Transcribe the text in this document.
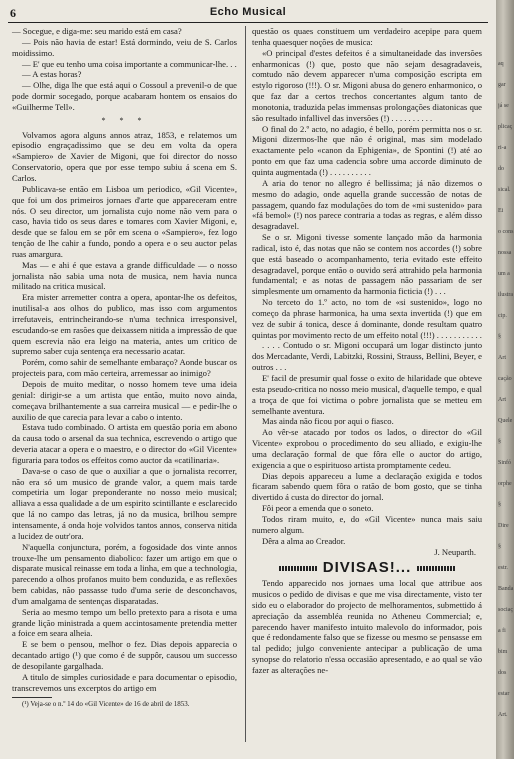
6	Echo Musical

— Socegue, e diga-me: seu marido está em casa?

— Pois não havia de estar! Está dormindo, veiu de S. Carlos moidissimo.

— E' que eu tenho uma coisa importante a communicar-lhe. . .

— A estas horas?

— Olhe, diga lhe que está aqui o Cossoul a prevenil-o de que pode dormir socegado, porque acabaram hontem os ensaios do «Guilherme Tell».

* * *

Volvamos agora alguns annos atraz, 1853, e relatemos um episodio engraçadissimo que se deu em volta da opera «Sampiero» de Xavier de Migoni, que foi director do nosso Conservatorio, opera que por esse tempo subiu á scena em S. Carlos.

Publicava-se então em Lisboa um periodico, «Gil Vicente», que foi um dos primeiros jornaes d'arte que appareceram entre nós. O seu director, um jornalista cujo nome não vem para o caso, havia tido os seus dares e tomares com Xavier Migoni, e, desde que se falou em se pôr em scena o «Sampiero», fez logo tenção de lhe cahir a fundo, pondo a opera e o seu auctor pelas ruas amargura.

Mas — e ahi é que estava a grande difficuldade — o nosso jornalista não sabia uma nota de musica, nem havia nunca militado na critica musical.

Era mister arremetter contra a opera, apontar-lhe os defeitos, inutilisal-a aos olhos do publico, mas isso com argumentos irrefutaveis, entrincheirando-se n'uma technica irresponsivel, escudando-se em rasões que deixassem nitida a impressão de que quem escrevia não era leigo na materia, antes um critico de supremo saber cuja sentença era necessario acatar.

Porém, como sahir de semelhante embaraço? Aonde buscar os projecteis para, com mão certeira, arremessar ao inimigo?

Depois de muito meditar, o nosso homem teve uma ideia genial: dirigir-se a um artista que então, muito novo ainda, começava brilhantemente a sua carreira musical — e pedir-lhe o auxilio de que carecia para levar a cabo o intento.

Estava tudo combinado. O artista em questão poria em abono da causa todo o arsenal da sua technica, escrevendo o artigo que deveria atacar a opera e o maestro, e o director do «Gil Vicente» figuraria para todos os effeitos como auctor da «catilinaria».

Dava-se o caso de que o auxiliar a que o jornalista recorrer, não era só um musico de grande valor, a quem mais tarde competiria um logar preponderante no nosso meio musical; alliava a essa qualidade a de um espirito scintillante e esclarecido que lá no campo das letras, já no da musica, brilhou sempre intensamente, á onda hoje volvidos tantos annos, conserva nitida a lucidez de outr'ora.

N'aquella conjunctura, porém, a fogosidade dos vinte annos trouxe-lhe um pensamento diabolico: fazer um artigo em que o disparate musical reinasse em toda a linha, em que a technologia, parecendo a olhos profanos muito bem conduzida, e as reflexões bem cabidas, não passasse tudo d'uma serie de desconchavos, d'um amalgama de sentenças disparatadas.

Seria ao mesmo tempo um bello pretexto para a risota e uma grande lição ministrada a quem accintosamente pretendia metter a foice em seara alheia.

E se bem o pensou, melhor o fez. Dias depois apparecia o decantado artigo (¹) que como é de suppôr, causou um successo de desopilante gargalhada.

A titulo de simples curiosidade e para documentar o episodio, transcrevemos uns excerptos do artigo em

(¹) Veja-se o n.º 14 do «Gil Vicente» de 16 de abril de 1853.

questão os quaes constituem um verdadeiro acepipe para quem tenha quaesquer noções de musica:

«O principal d'estes defeitos é a simultaneidade das inversões enharmonicas (!) que, posto que não sejam desagradaveis, comtudo não devem apparecer n'uma composição escripta em estylo rigoroso (!!!). O sr. Migoni abusa do genero enharmonico, o que faz dar a certos trechos concertantes algum tanto de monotonia, traduzida pelas immensas prolongações diatonicas que são resultado infallivel das inversões (!) . . . . . . . . . .

O final do 2.º acto, no adagio, é bello, porém permitta nos o sr. Migoni dizermos-lhe que não é original, mas sim modelado exactamente pelo «canon da Ephigenia», de Spontini (!) até ao ponto em que faz uma cadencia sobre uma accorde diminuto de quinta augmentada (!) . . . . . . . . . .

A aria do tenor no allegro é bellissima; já não dizemos o mesmo do adagio, onde aquella grande successão de notas de passagem, quando faz modulações do tom de «mi sustenido» para «fá bemol» (!) nos parece contraria a todas as regras, e além disso desagradavel.

Se o sr. Migoni tivesse somente lançado mão da harmonia radical, isto é, das notas que não se contem nos accordes (!) sobre que está baseado o acompanhamento, teria evitado este effeito desagradavel, porque então o ouvido será attrahido pela harmonia fundamental; e as notas de passagem não passariam de ser simplesmente um ornamento da harmonia ficticia (!) . . .

No terceto do 1.º acto, no tom de «si sustenido», logo no começo da phrase harmonica, ha uma sexta invertida (!) que em vez de subir á tonica, desce á dominante, donde resultam quatro quintas por movimento recto de um effeito notal (!!!) . . . . . . . . . . .

. . . . Contudo o sr. Migoni occupará um logar distincto junto dos Mercadante, Verdi, Labitzki, Rossini, Strauss, Bellini, Beyer, e outros . . .

E' facil de presumir qual fosse o exito de hilaridade que obteve esta pseudo-critica no nosso meio musical, d'aquelle tempo, e qual a troça de que foi victima o pobre jornalista que se metteu em semelhante aventura.

Mas ainda não ficou por aqui o fiasco.

Ao vêr-se atacado por todos os lados, o director do «Gil Vicente» exprobou o procedimento do seu alliado, e exigiu-lhe uma declaração formal de que fôra elle o auctor do artigo, exigencia a que o espirituoso artista promptamente cedeu.

Dias depois appareceu a lume a declaração exigida e todos ficaram sabendo quem fôra o ratão de bom gosto, que se tinha divertido á custa do director do jornal.

Fôi peor a emenda que o soneto.

Todos riram muito, e, do «Gil Vicente» nunca mais saiu numero algum.

Dêra a alma ao Creador.

J. Neuparth.
DIVISAS!...

Tendo apparecido nos jornaes uma local que attribue aos musicos o pedido de divisas e que me visa directamente, visto ter sido eu o elaborador do projecto de melhoramentos, submettido á apreciação da assembléa reunida no Atheneu Commercial; e, parecendo haver manifesto intuito malevolo do informador, pois que é redondamente falso que se fizesse ou mesmo se pensasse em tal pedido; julgo conveniente antecipar a publicação de uma synopse do relatorio n'essa occasião apresentado, e ao qual se vão fazer as alterações ne-

aq
gar
já se
plicaç
ri-a
do
sical.
Ei
o cons
nossa
um a
ilustra
cip.
§
Art
cação
Art
Quele
§
Sinfó
orphe
§
Dire
§
estr.
Banda
sociaç
a fi
bim
dos
estar
Art.
